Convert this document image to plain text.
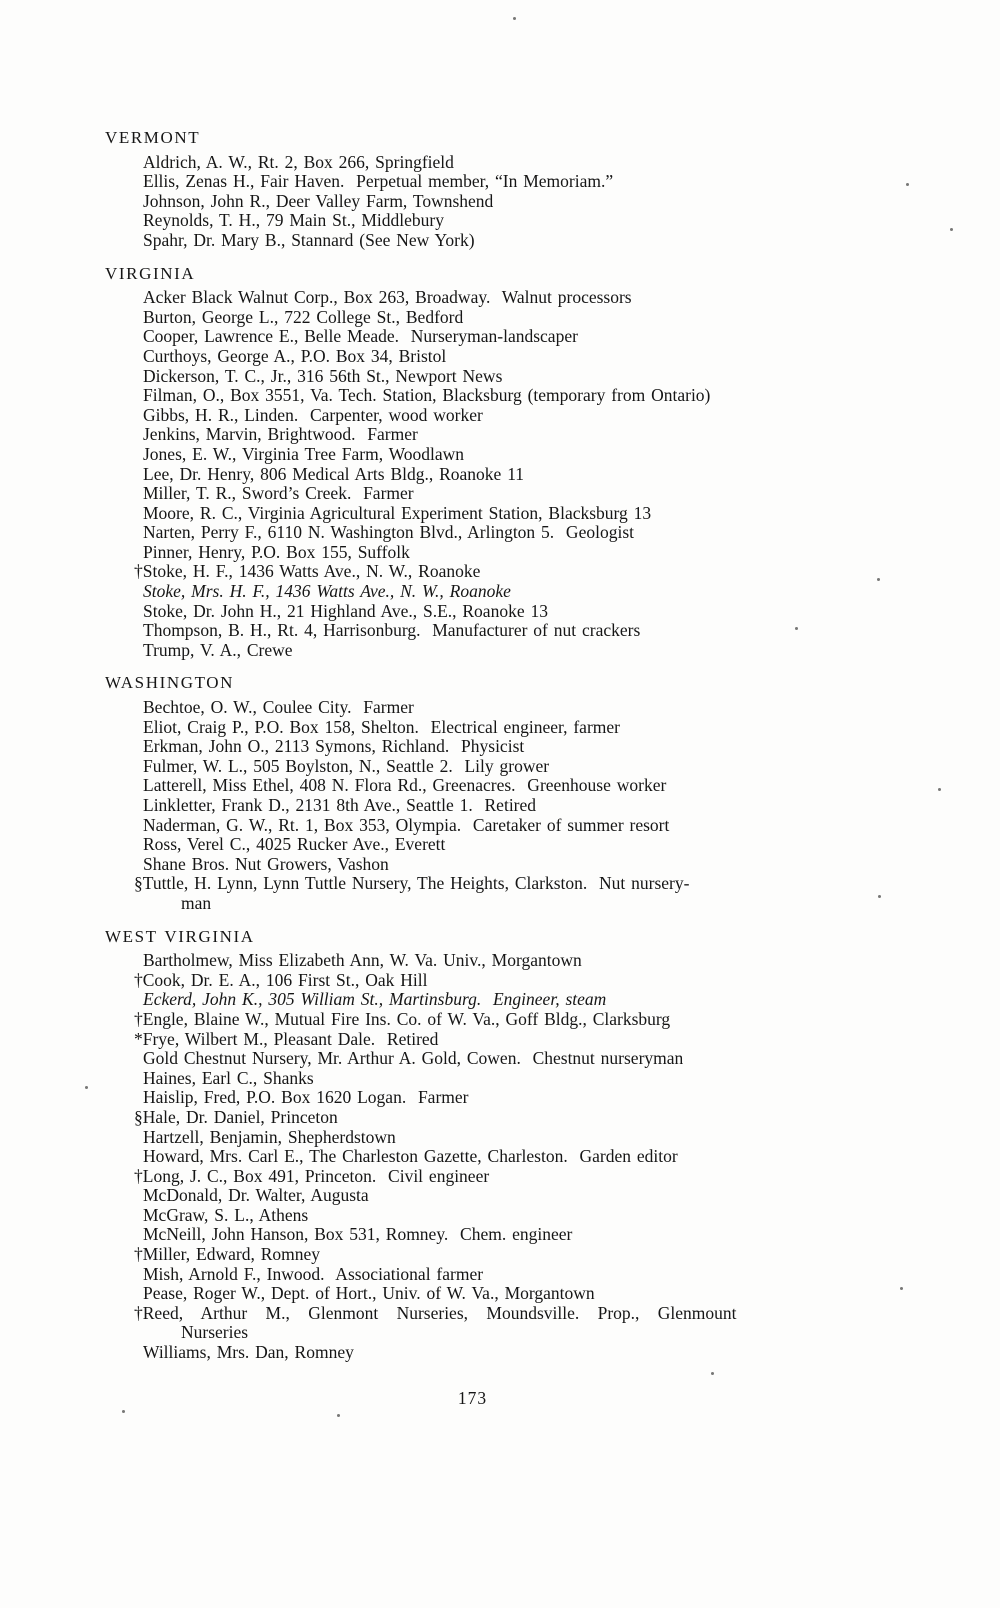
VERMONT

Aldrich, A. W., Rt. 2, Box 266, Springfield

Ellis, Zenas H., Fair Haven.  Perpetual member, “In Memoriam.”

Johnson, John R., Deer Valley Farm, Townshend

Reynolds, T. H., 79 Main St., Middlebury

Spahr, Dr. Mary B., Stannard (See New York)

VIRGINIA

Acker Black Walnut Corp., Box 263, Broadway.  Walnut processors

Burton, George L., 722 College St., Bedford

Cooper, Lawrence E., Belle Meade.  Nurseryman-landscaper

Curthoys, George A., P.O. Box 34, Bristol

Dickerson, T. C., Jr., 316 56th St., Newport News

Filman, O., Box 3551, Va. Tech. Station, Blacksburg (temporary from Ontario)

Gibbs, H. R., Linden.  Carpenter, wood worker

Jenkins, Marvin, Brightwood.  Farmer

Jones, E. W., Virginia Tree Farm, Woodlawn

Lee, Dr. Henry, 806 Medical Arts Bldg., Roanoke 11

Miller, T. R., Sword’s Creek.  Farmer

Moore, R. C., Virginia Agricultural Experiment Station, Blacksburg 13

Narten, Perry F., 6110 N. Washington Blvd., Arlington 5.  Geologist

Pinner, Henry, P.O. Box 155, Suffolk

†Stoke, H. F., 1436 Watts Ave., N. W., Roanoke

Stoke, Mrs. H. F., 1436 Watts Ave., N. W., Roanoke

Stoke, Dr. John H., 21 Highland Ave., S.E., Roanoke 13

Thompson, B. H., Rt. 4, Harrisonburg.  Manufacturer of nut crackers

Trump, V. A., Crewe

WASHINGTON

Bechtoe, O. W., Coulee City.  Farmer

Eliot, Craig P., P.O. Box 158, Shelton.  Electrical engineer, farmer

Erkman, John O., 2113 Symons, Richland.  Physicist

Fulmer, W. L., 505 Boylston, N., Seattle 2.  Lily grower

Latterell, Miss Ethel, 408 N. Flora Rd., Greenacres.  Greenhouse worker

Linkletter, Frank D., 2131 8th Ave., Seattle 1.  Retired

Naderman, G. W., Rt. 1, Box 353, Olympia.  Caretaker of summer resort

Ross, Verel C., 4025 Rucker Ave., Everett

Shane Bros. Nut Growers, Vashon

§Tuttle, H. Lynn, Lynn Tuttle Nursery, The Heights, Clarkston.  Nut nursery-
man

WEST VIRGINIA

Bartholmew, Miss Elizabeth Ann, W. Va. Univ., Morgantown

†Cook, Dr. E. A., 106 First St., Oak Hill

Eckerd, John K., 305 William St., Martinsburg.  Engineer, steam

†Engle, Blaine W., Mutual Fire Ins. Co. of W. Va., Goff Bldg., Clarksburg

*Frye, Wilbert M., Pleasant Dale.  Retired

Gold Chestnut Nursery, Mr. Arthur A. Gold, Cowen.  Chestnut nurseryman

Haines, Earl C., Shanks

Haislip, Fred, P.O. Box 1620 Logan.  Farmer

§Hale, Dr. Daniel, Princeton

Hartzell, Benjamin, Shepherdstown

Howard, Mrs. Carl E., The Charleston Gazette, Charleston.  Garden editor

†Long, J. C., Box 491, Princeton.  Civil engineer

McDonald, Dr. Walter, Augusta

McGraw, S. L., Athens

McNeill, John Hanson, Box 531, Romney.  Chem. engineer

†Miller, Edward, Romney

Mish, Arnold F., Inwood.  Associational farmer

Pease, Roger W., Dept. of Hort., Univ. of W. Va., Morgantown

†Reed, Arthur M., Glenmont Nurseries, Moundsville. Prop., Glenmount
Nurseries

Williams, Mrs. Dan, Romney

173
